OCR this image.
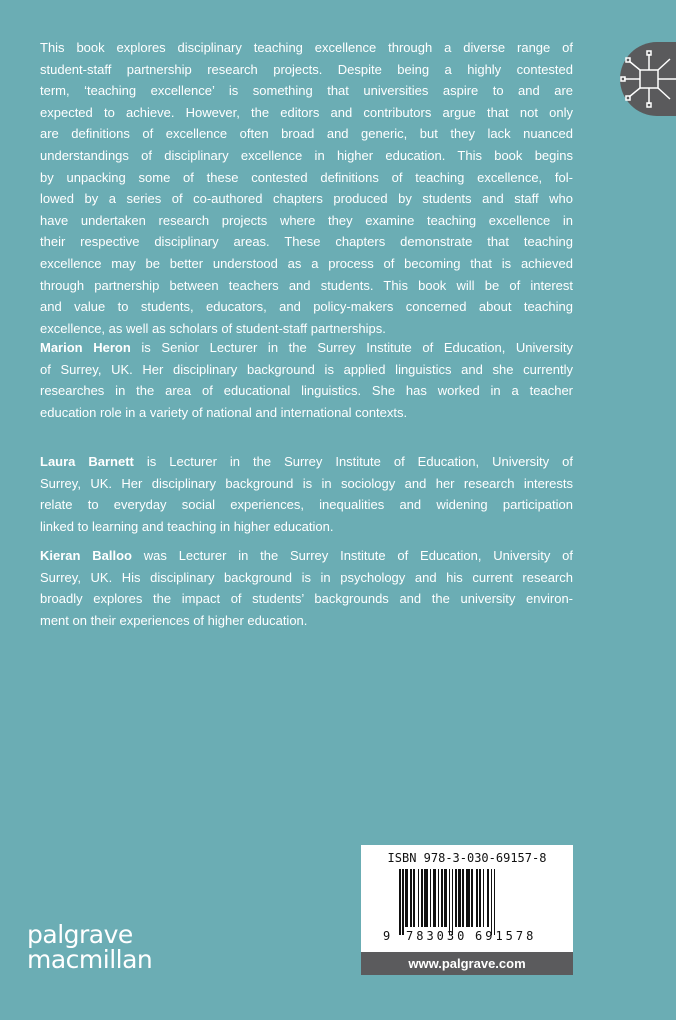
This book explores disciplinary teaching excellence through a diverse range of
student-staff partnership research projects. Despite being a highly contested
term, ‘teaching excellence’ is something that universities aspire to and are
expected to achieve. However, the editors and contributors argue that not only
are definitions of excellence often broad and generic, but they lack nuanced
understandings of disciplinary excellence in higher education. This book begins
by unpacking some of these contested definitions of teaching excellence, fol-
lowed by a series of co-authored chapters produced by students and staff who
have undertaken research projects where they examine teaching excellence in
their respective disciplinary areas. These chapters demonstrate that teaching
excellence may be better understood as a process of becoming that is achieved
through partnership between teachers and students. This book will be of interest
and value to students, educators, and policy-makers concerned about teaching
excellence, as well as scholars of student-staff partnerships.
Marion Heron is Senior Lecturer in the Surrey Institute of Education, University
of Surrey, UK. Her disciplinary background is applied linguistics and she currently
researches in the area of educational linguistics. She has worked in a teacher
education role in a variety of national and international contexts.
Laura Barnett is Lecturer in the Surrey Institute of Education, University of
Surrey, UK. Her disciplinary background is in sociology and her research interests
relate to everyday social experiences, inequalities and widening participation
linked to learning and teaching in higher education.
Kieran Balloo was Lecturer in the Surrey Institute of Education, University of
Surrey, UK. His disciplinary background is in psychology and his current research
broadly explores the impact of students’ backgrounds and the university environ-
ment on their experiences of higher education.
ISBN 978-3-030-69157-8
9 783030 691578
www.palgrave.com
palgrave
macmillan
